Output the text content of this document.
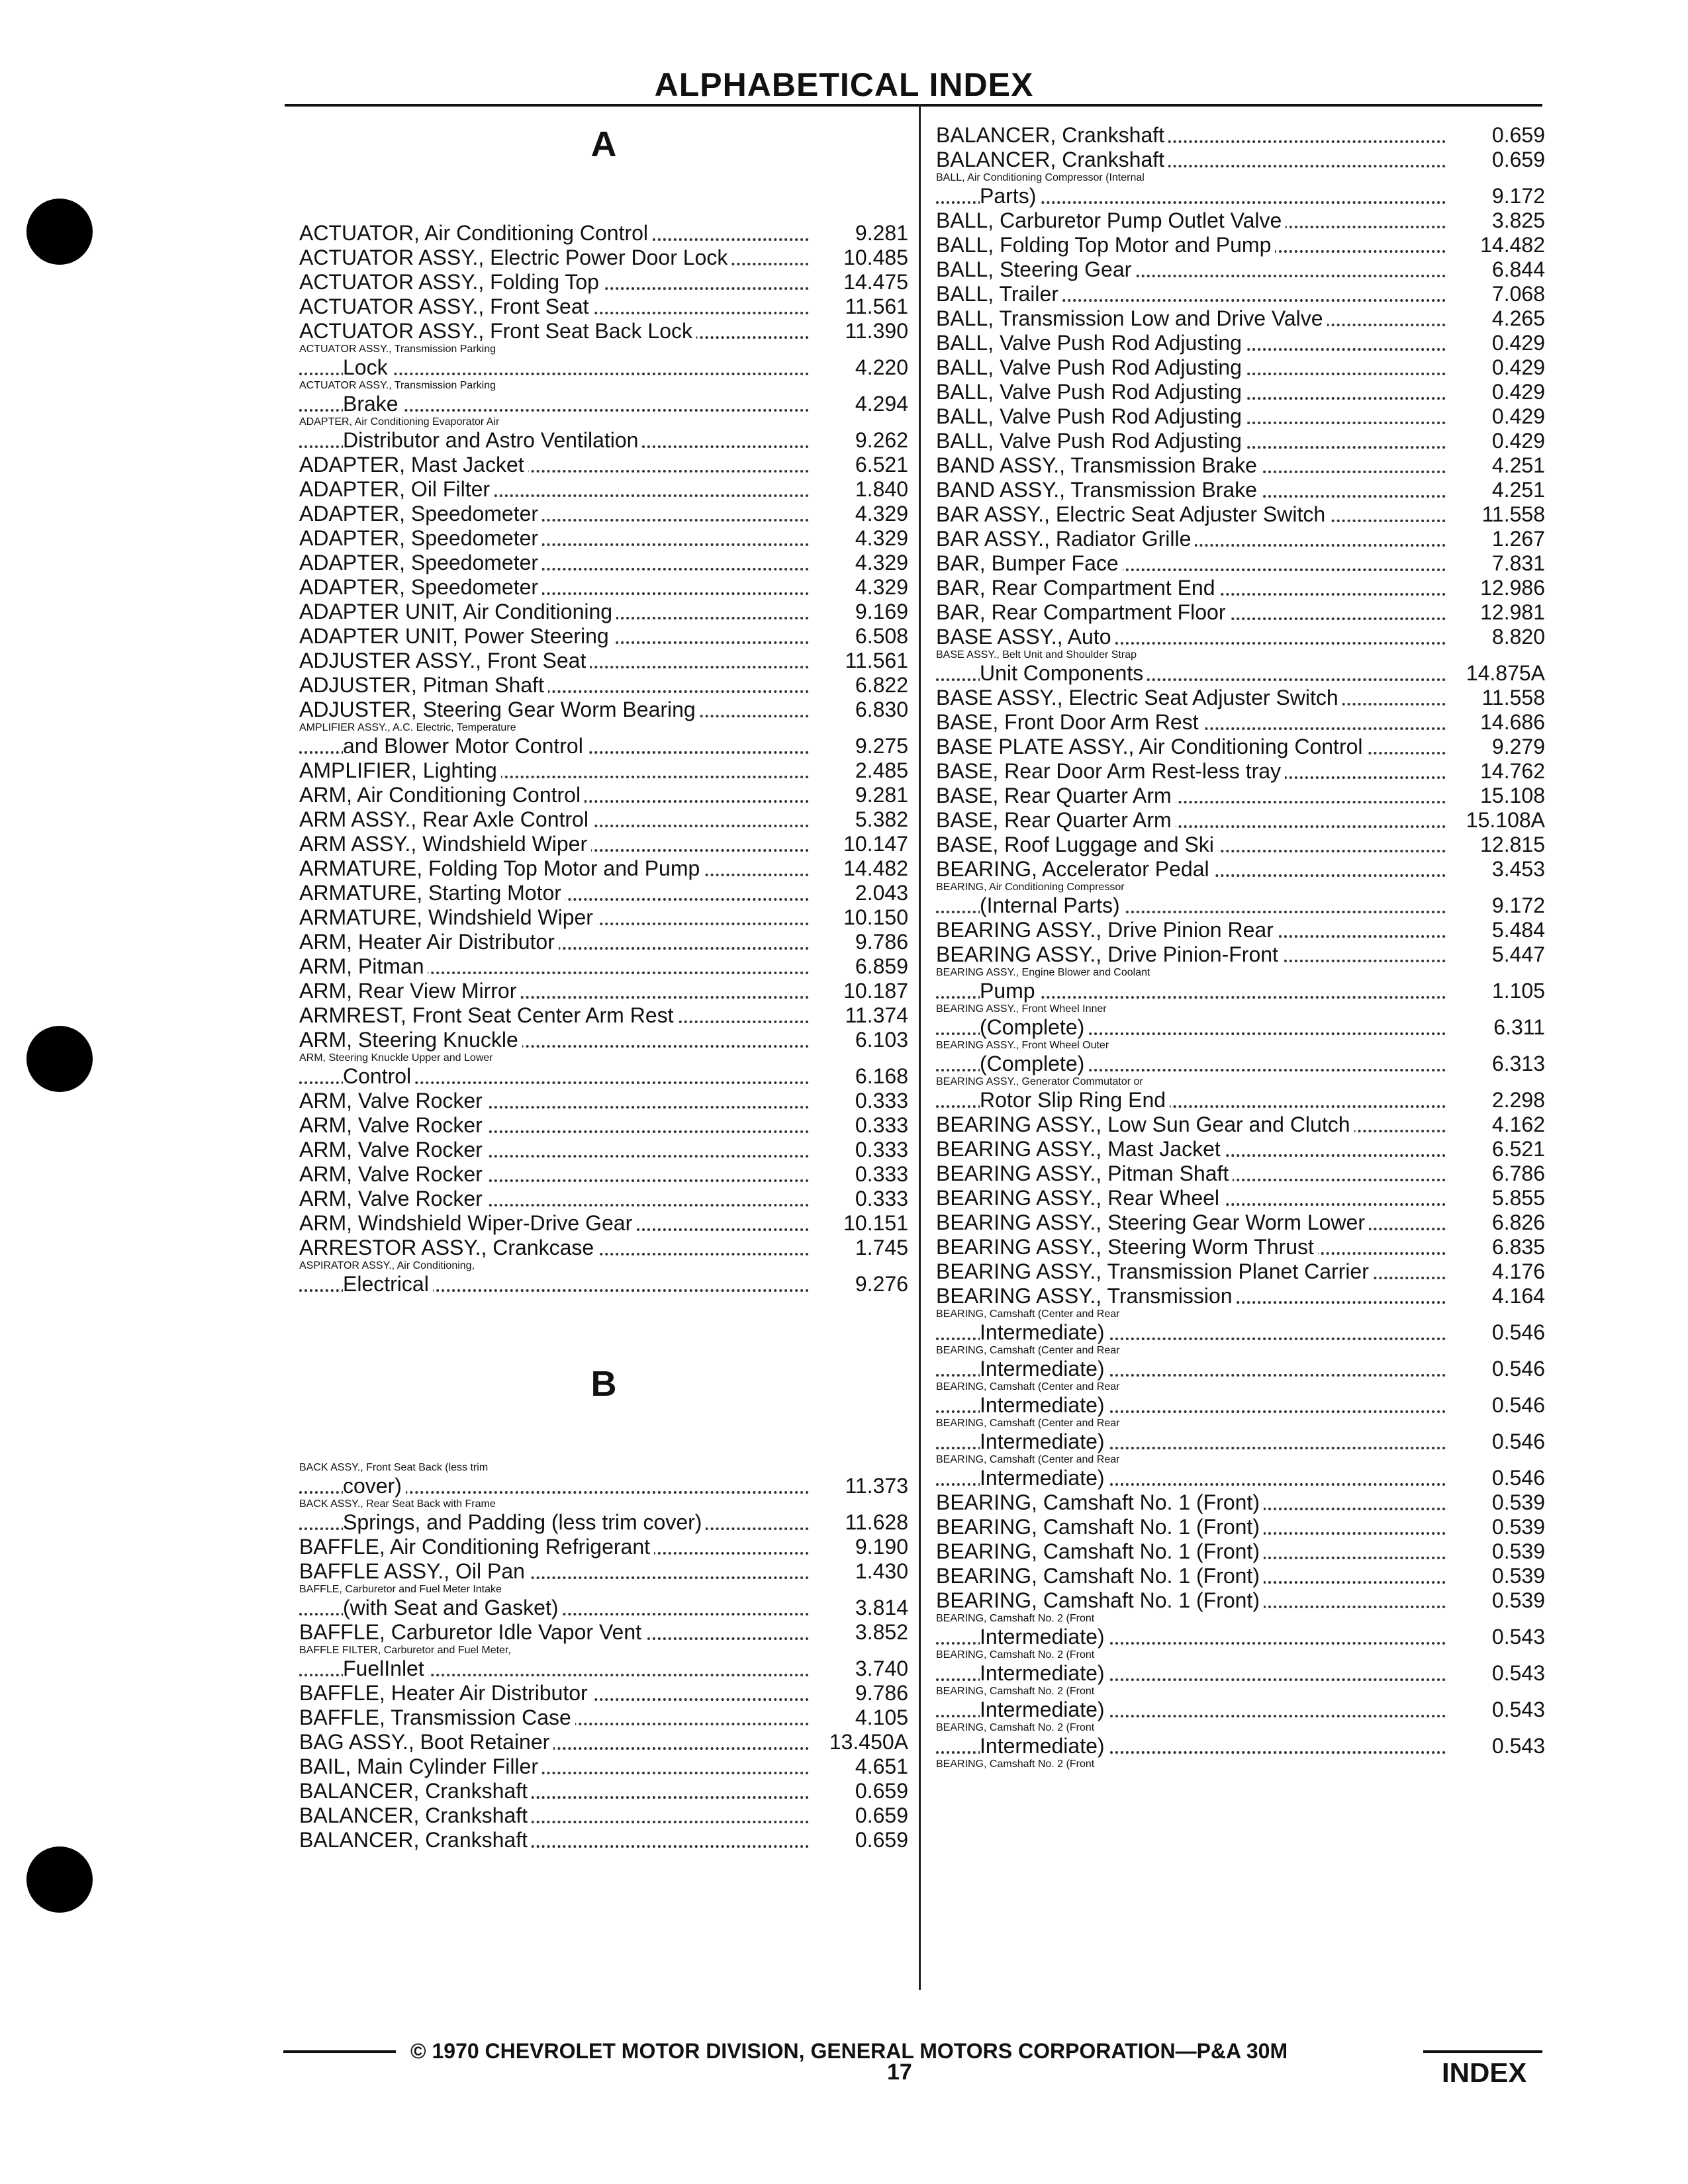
ALPHABETICAL INDEX
A
ACTUATOR, Air Conditioning Control	9.281
ACTUATOR ASSY., Electric Power Door Lock	10.485
ACTUATOR ASSY., Folding Top	14.475
ACTUATOR ASSY., Front Seat	11.561
ACTUATOR ASSY., Front Seat Back Lock	11.390
ACTUATOR ASSY., Transmission Parking
Lock	4.220
ACTUATOR ASSY., Transmission Parking
Brake	4.294
ADAPTER, Air Conditioning Evaporator Air
Distributor and Astro Ventilation	9.262
ADAPTER, Mast Jacket	6.521
ADAPTER, Oil Filter	1.840
ADAPTER, Speedometer	4.329
ADAPTER, Speedometer	4.329
ADAPTER, Speedometer	4.329
ADAPTER, Speedometer	4.329
ADAPTER UNIT, Air Conditioning	9.169
ADAPTER UNIT, Power Steering	6.508
ADJUSTER ASSY., Front Seat	11.561
ADJUSTER, Pitman Shaft	6.822
ADJUSTER, Steering Gear Worm Bearing	6.830
AMPLIFIER ASSY., A.C. Electric, Temperature
and Blower Motor Control	9.275
AMPLIFIER, Lighting	2.485
ARM, Air Conditioning Control	9.281
ARM ASSY., Rear Axle Control	5.382
ARM ASSY., Windshield Wiper	10.147
ARMATURE, Folding Top Motor and Pump	14.482
ARMATURE, Starting Motor	2.043
ARMATURE, Windshield Wiper	10.150
ARM, Heater Air Distributor	9.786
ARM, Pitman	6.859
ARM, Rear View Mirror	10.187
ARMREST, Front Seat Center Arm Rest	11.374
ARM, Steering Knuckle	6.103
ARM, Steering Knuckle Upper and Lower
Control	6.168
ARM, Valve Rocker	0.333
ARM, Valve Rocker	0.333
ARM, Valve Rocker	0.333
ARM, Valve Rocker	0.333
ARM, Valve Rocker	0.333
ARM, Windshield Wiper-Drive Gear	10.151
ARRESTOR ASSY., Crankcase	1.745
ASPIRATOR ASSY., Air Conditioning,
Electrical	9.276
B
BACK ASSY., Front Seat Back (less trim
cover)	11.373
BACK ASSY., Rear Seat Back with Frame
Springs, and Padding (less trim cover)	11.628
BAFFLE, Air Conditioning Refrigerant	9.190
BAFFLE ASSY., Oil Pan	1.430
BAFFLE, Carburetor and Fuel Meter Intake
(with Seat and Gasket)	3.814
BAFFLE, Carburetor Idle Vapor Vent	3.852
BAFFLE FILTER, Carburetor and Fuel Meter,
FuelInlet	3.740
BAFFLE, Heater Air Distributor	9.786
BAFFLE, Transmission Case	4.105
BAG ASSY., Boot Retainer	13.450A
BAIL, Main Cylinder Filler	4.651
BALANCER, Crankshaft	0.659
BALANCER, Crankshaft	0.659
BALANCER, Crankshaft	0.659
BALANCER, Crankshaft	0.659
BALANCER, Crankshaft	0.659
BALL, Air Conditioning Compressor (Internal
Parts)	9.172
BALL, Carburetor Pump Outlet Valve	3.825
BALL, Folding Top Motor and Pump	14.482
BALL, Steering Gear	6.844
BALL, Trailer	7.068
BALL, Transmission Low and Drive Valve	4.265
BALL, Valve Push Rod Adjusting	0.429
BALL, Valve Push Rod Adjusting	0.429
BALL, Valve Push Rod Adjusting	0.429
BALL, Valve Push Rod Adjusting	0.429
BALL, Valve Push Rod Adjusting	0.429
BAND ASSY., Transmission Brake	4.251
BAND ASSY., Transmission Brake	4.251
BAR ASSY., Electric Seat Adjuster Switch	11.558
BAR ASSY., Radiator Grille	1.267
BAR, Bumper Face	7.831
BAR, Rear Compartment End	12.986
BAR, Rear Compartment Floor	12.981
BASE ASSY., Auto	8.820
BASE ASSY., Belt Unit and Shoulder Strap
Unit Components	14.875A
BASE ASSY., Electric Seat Adjuster Switch	11.558
BASE, Front Door Arm Rest	14.686
BASE PLATE ASSY., Air Conditioning Control	9.279
BASE, Rear Door Arm Rest-less tray	14.762
BASE, Rear Quarter Arm	15.108
BASE, Rear Quarter Arm	15.108A
BASE, Roof Luggage and Ski	12.815
BEARING, Accelerator Pedal	3.453
BEARING, Air Conditioning Compressor
(Internal Parts)	9.172
BEARING ASSY., Drive Pinion Rear	5.484
BEARING ASSY., Drive Pinion-Front	5.447
BEARING ASSY., Engine Blower and Coolant
Pump	1.105
BEARING ASSY., Front Wheel Inner
(Complete)	6.311
BEARING ASSY., Front Wheel Outer
(Complete)	6.313
BEARING ASSY., Generator Commutator or
Rotor Slip Ring End	2.298
BEARING ASSY., Low Sun Gear and Clutch	4.162
BEARING ASSY., Mast Jacket	6.521
BEARING ASSY., Pitman Shaft	6.786
BEARING ASSY., Rear Wheel	5.855
BEARING ASSY., Steering Gear Worm Lower	6.826
BEARING ASSY., Steering Worm Thrust	6.835
BEARING ASSY., Transmission Planet Carrier	4.176
BEARING ASSY., Transmission	4.164
BEARING, Camshaft (Center and Rear
Intermediate)	0.546
BEARING, Camshaft (Center and Rear
Intermediate)	0.546
BEARING, Camshaft (Center and Rear
Intermediate)	0.546
BEARING, Camshaft (Center and Rear
Intermediate)	0.546
BEARING, Camshaft (Center and Rear
Intermediate)	0.546
BEARING, Camshaft No. 1 (Front)	0.539
BEARING, Camshaft No. 1 (Front)	0.539
BEARING, Camshaft No. 1 (Front)	0.539
BEARING, Camshaft No. 1 (Front)	0.539
BEARING, Camshaft No. 1 (Front)	0.539
BEARING, Camshaft No. 2 (Front
Intermediate)	0.543
BEARING, Camshaft No. 2 (Front
Intermediate)	0.543
BEARING, Camshaft No. 2 (Front
Intermediate)	0.543
BEARING, Camshaft No. 2 (Front
Intermediate)	0.543
BEARING, Camshaft No. 2 (Front
© 1970 CHEVROLET MOTOR DIVISION, GENERAL MOTORS CORPORATION—P&A 30M
17	INDEX
